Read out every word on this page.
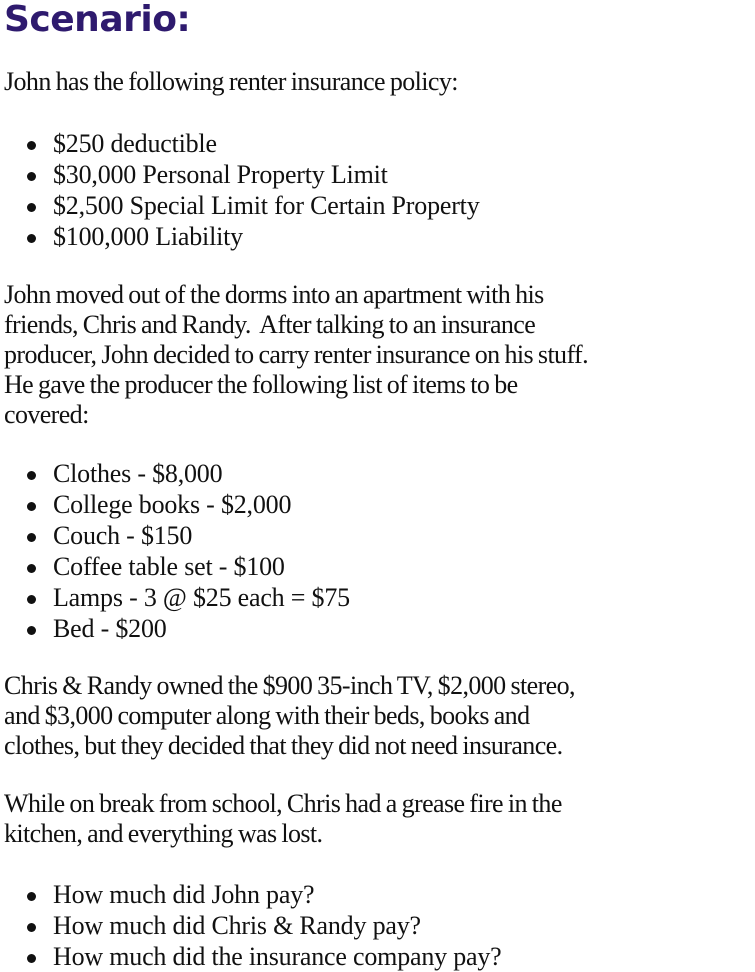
Scenario:

John has the following renter insurance policy:

$250 deductible
$30,000 Personal Property Limit
$2,500 Special Limit for Certain Property
$100,000 Liability
John moved out of the dorms into an apartment with his
friends, Chris and Randy.  After talking to an insurance
producer, John decided to carry renter insurance on his stuff.
He gave the producer the following list of items to be
covered:
Clothes - $8,000
College books - $2,000
Couch - $150
Coffee table set - $100
Lamps - 3 @ $25 each = $75
Bed - $200
Chris & Randy owned the $900 35-inch TV, $2,000 stereo,
and $3,000 computer along with their beds, books and
clothes, but they decided that they did not need insurance.
While on break from school, Chris had a grease fire in the
kitchen, and everything was lost.
How much did John pay?
How much did Chris & Randy pay?
How much did the insurance company pay?
